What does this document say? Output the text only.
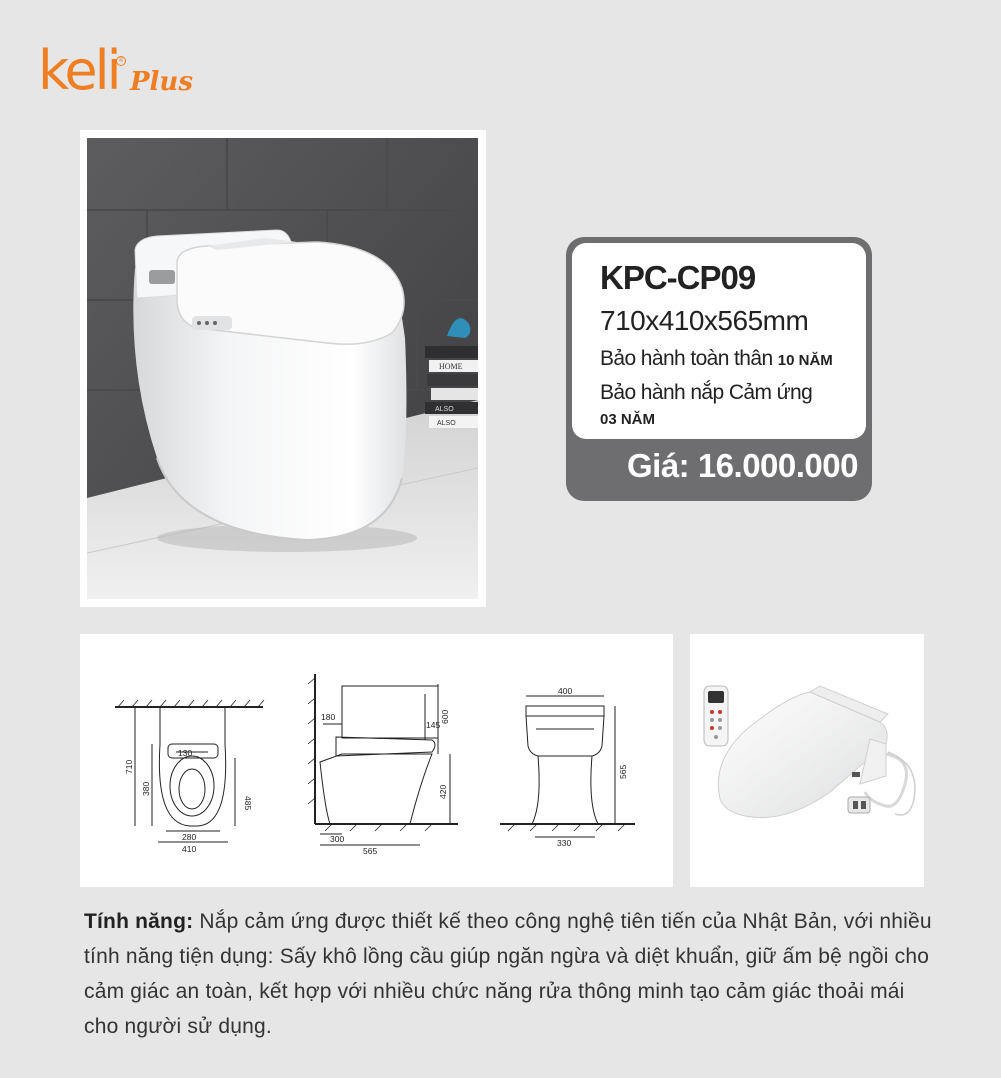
keli ®
Plus
HOME
ALSO
ALSO
KPC-CP09
710x410x565mm
Bảo hành toàn thân 10 NĂM
Bảo hành nắp Cảm ứng
03 NĂM
Giá: 16.000.000
130
710
380
485
280
410
180
145
600
420
300
565
400
565
330
Tính năng: Nắp cảm ứng được thiết kế theo công nghệ tiên tiến của Nhật Bản, với nhiều tính năng tiện dụng: Sấy khô lồng cầu giúp ngăn ngừa và diệt khuẩn, giữ ấm bệ ngồi cho cảm giác an toàn, kết hợp với nhiều chức năng rửa thông minh tạo cảm giác thoải mái cho người sử dụng.
